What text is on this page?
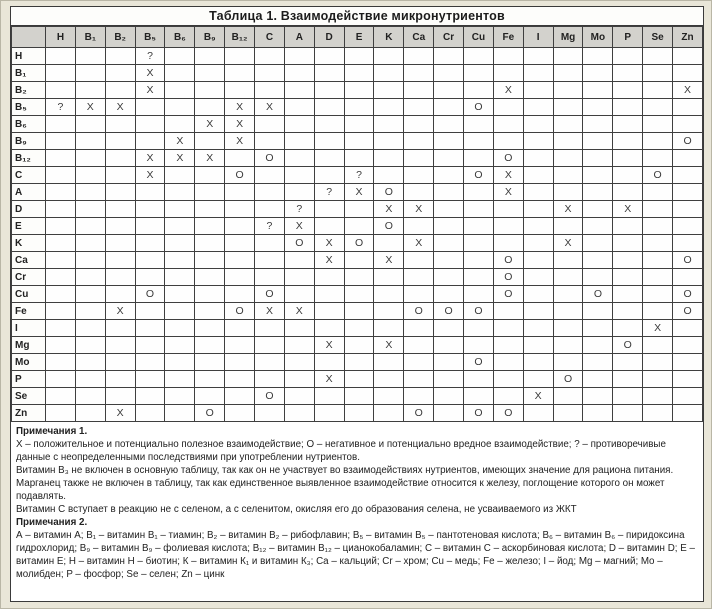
Таблица 1. Взаимодействие микронутриентов
	H	B₁	B₂	B₅	B₆	B₉	B₁₂	C	A	D	E	K	Ca	Cr	Cu	Fe	I	Mg	Mo	P	Se	Zn
H				?																		
B₁				X																		
B₂				X												X						X
B₅	?	X	X				X	X							O							
B₆						X	X															
B₉					X		X															O
B₁₂				X	X	X		O								O						
C				X			O				?				O	X					O	
A										?	X	O				X						
D									?			X	X					X		X		
E								?	X			O										
K									O	X	O		X					X				
Ca										X		X				O						O
Cr																O						
Cu				O				O								O			O			O
Fe			X				O	X	X				O	O	O							O
I																					X	
Mg										X		X								O		
Mo															O							
P										X								O				
Se								O									X					
Zn			X			O							O		O	O						
Примечания 1.
X – положительное и потенциально полезное взаимодействие; О – негативное и потенциально вредное взаимодействие; ? – противоречивые данные с неопределенными последствиями при употреблении нутриентов.
Витамин B₃ не включен в основную таблицу, так как он не участвует во взаимодействиях нутриентов, имеющих значение для рациона питания.
Марганец также не включен в таблицу, так как единственное выявленное взаимодействие относится к железу, поглощение которого он может подавлять.
Витамин С вступает в реакцию не с селеном, а с селенитом, окисляя его до образования селена, не усваиваемого из ЖКТ
Примечания 2.
А – витамин А; B₁ – витамин B₁ – тиамин; B₂ – витамин B₂ – рибофлавин; B₅ – витамин B₅ – пантотеновая кислота; B₆ – витамин B₆ – пиридоксина гидрохлорид; B₉ – витамин B₉ – фолиевая кислота; B₁₂ – витамин B₁₂ – цианокобаламин; С – витамин С – аскорбиновая кислота; D – витамин D; Е – витамин Е; Н – витамин Н – биотин; К – витамин К₁ и витамин К₃; Ca – кальций; Cr – хром; Cu – медь; Fe – железо; I – йод; Mg – магний; Mo – молибден; P – фосфор; Se – селен; Zn – цинк
